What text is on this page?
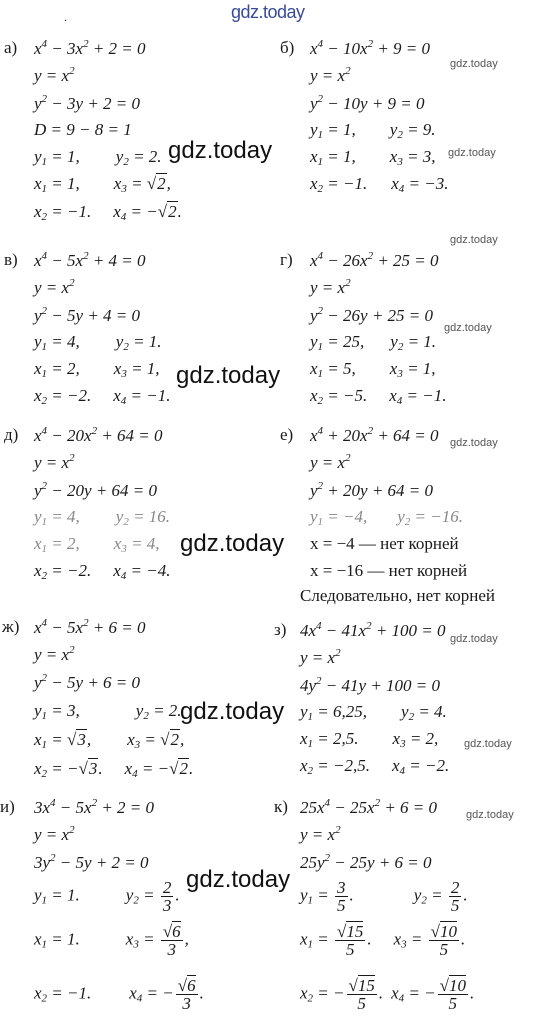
.	gdz.today
а) $x^4 - 3x^2 + 2 = 0$
$y = x^2$
$y^2 - 3y + 2 = 0$
D = 9 − 8 = 1
$y_1 = 1$, $y_2 = 2$.
$x_1 = 1$, $x_3 = √2$,
$x_2 = -1$. $x_4 = -√2$.
б) $x^4 - 10x^2 + 9 = 0$
$y = x^2$
$y^2 - 10y + 9 = 0$
$y_1 = 1$, $y_2 = 9$.
$x_1 = 1$, $x_3 = 3$,
$x_2 = -1$. $x_4 = -3$.
в) $x^4 - 5x^2 + 4 = 0$
$y = x^2$
$y^2 - 5y + 4 = 0$
$y_1 = 4$, $y_2 = 1$.
$x_1 = 2$, $x_3 = 1$,
$x_2 = -2$. $x_4 = -1$.
г) $x^4 - 26x^2 + 25 = 0$
$y = x^2$
$y^2 - 26y + 25 = 0$
$y_1 = 25$, $y_2 = 1$.
$x_1 = 5$, $x_3 = 1$,
$x_2 = -5$. $x_4 = -1$.
д) $x^4 - 20x^2 + 64 = 0$
$y = x^2$
$y^2 - 20y + 64 = 0$
$y_1 = 4$, $y_2 = 16$.
$x_1 = 2$, $x_3 = 4$,
$x_2 = -2$. $x_4 = -4$.
е) $x^4 + 20x^2 + 64 = 0$
$y = x^2$
$y^2 + 20y + 64 = 0$
$y_1 = -4$, $y_2 = -16$.
x = −4 — нет корней
x = −16 — нет корней
Следовательно, нет корней
ж) $x^4 - 5x^2 + 6 = 0$
$y = x^2$
$y^2 - 5y + 6 = 0$
$y_1 = 3$,	$y_2 = 2$.
$x_1 = √3$, $x_3 = √2$,
$x_2 = -√3$. $x_4 = -√2$.
з) $4x^4 - 41x^2 + 100 = 0$
$y = x^2$
$4y^2 - 41y + 100 = 0$
$y_1 = 6,25$, $y_2 = 4$.
$x_1 = 2,5$. $x_3 = 2$,
$x_2 = -2,5$. $x_4 = -2$.
и) $3x^4 - 5x^2 + 2 = 0$
$y = x^2$
$3y^2 - 5y + 2 = 0$
$y_1 = 1$.	$y_2 = \frac{2}{3}$ .
$x_1 = 1$.	$x_3 = \frac{√6}{3}$ ,
$x_2 = -1$. $x_4$ = − $\frac{√6}{3}$ .
к) $25x^4 - 25x^2 + 6 = 0$
$y = x^2$
$25y^2 - 25y + 6 = 0$
$y_1 = \frac{3}{5}$ .	$y_2 = \frac{2}{5}$ .
$x_1 = \frac{√15}{5}$ . $x_3 = \frac{√10}{5}$ .
$x_2$ = − $\frac{√15}{5}$ . $x_4$ = − $\frac{√10}{5}$ .
gdz.today
gdz.today
gdz.today
gdz.today
gdz.today
gdz.today
gdz.today
gdz.today
gdz.today
gdz.today
gdz.today
gdz.today
gdz.today
